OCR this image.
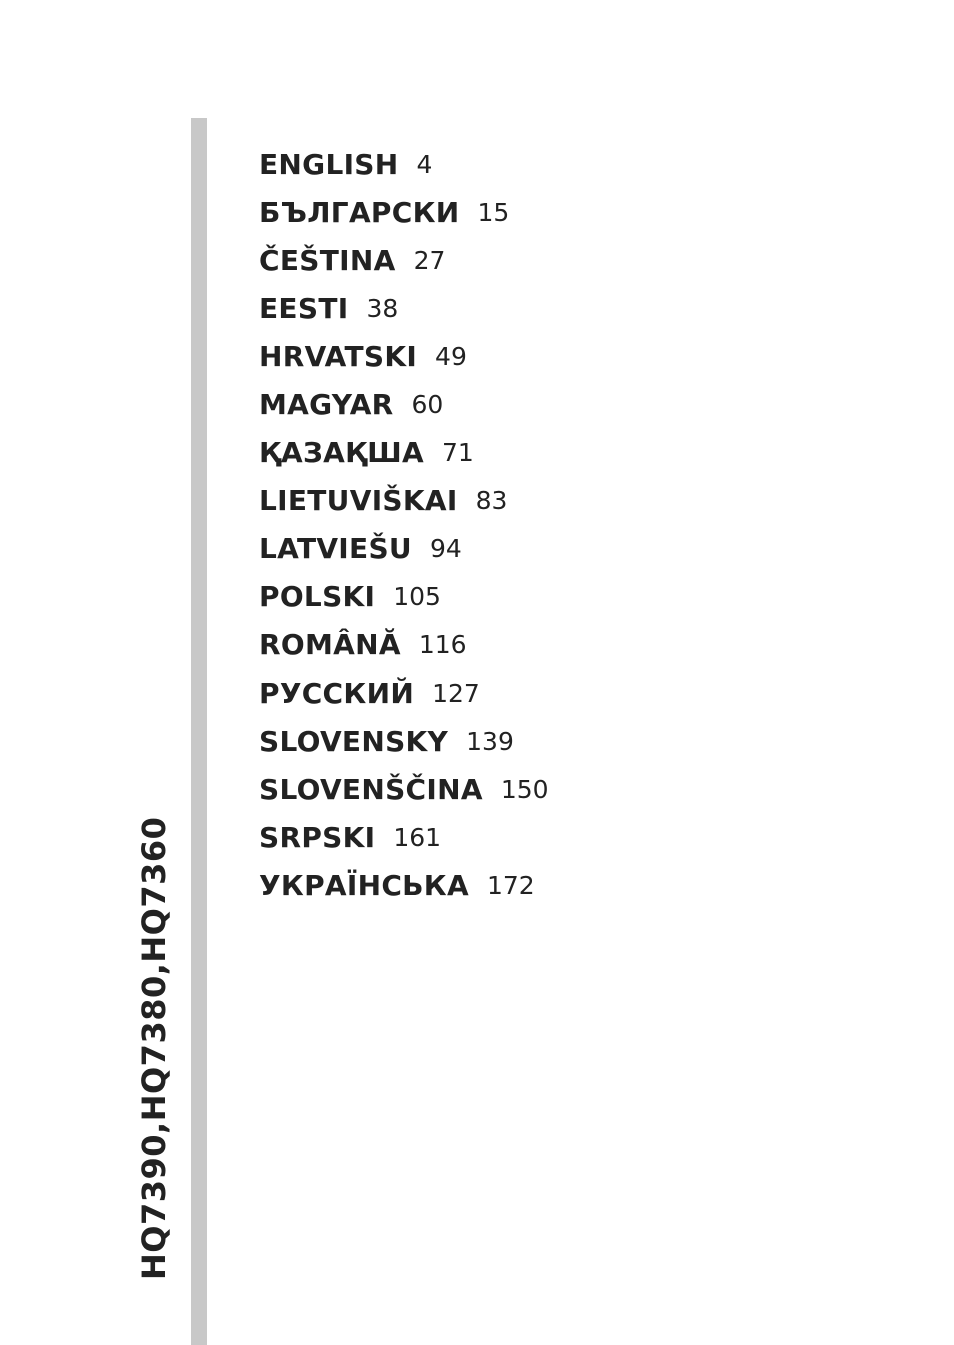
HQ7390,HQ7380,HQ7360
ENGLISH 4
БЪЛГАРСКИ 15
ČEŠTINA 27
EESTI 38
HRVATSKI 49
MAGYAR 60
ҚАЗАҚША 71
LIETUVIŠKAI 83
LATVIEŠU 94
POLSKI 105
ROMÂNĂ 116
РУССКИЙ 127
SLOVENSKY 139
SLOVENŠČINA 150
SRPSKI 161
УКРАЇНСЬКА 172
